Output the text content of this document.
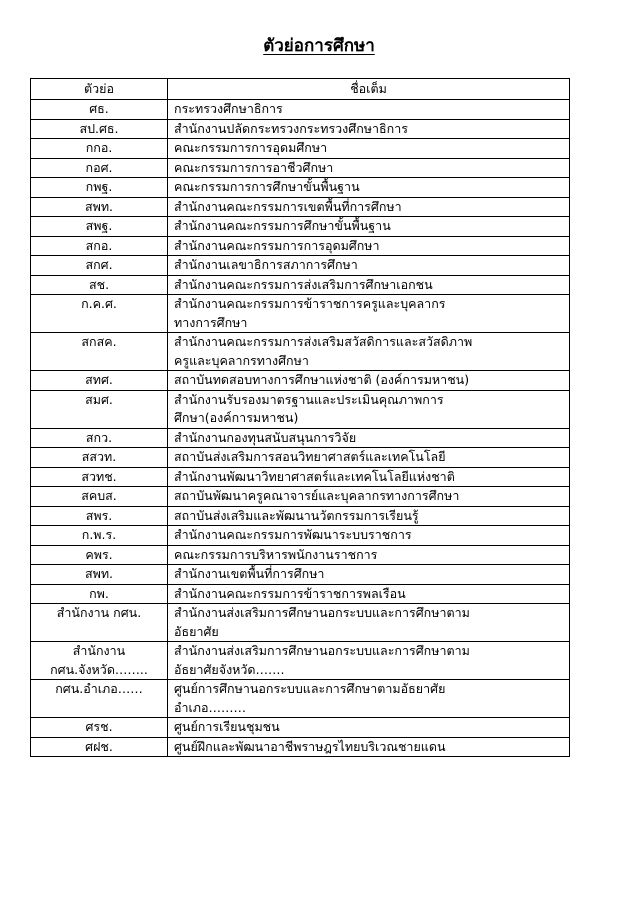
ตัวย่อการศึกษา
ตัวย่อ	ชื่อเต็ม

ศธ.	กระทรวงศึกษาธิการ

สป.ศธ.	สำนักงานปลัดกระทรวงกระทรวงศึกษาธิการ

กกอ.	คณะกรรมการการอุดมศึกษา

กอศ.	คณะกรรมการการอาชีวศึกษา

กพฐ.	คณะกรรมการการศึกษาขั้นพื้นฐาน

สพท.	สำนักงานคณะกรรมการเขตพื้นที่การศึกษา

สพฐ.	สำนักงานคณะกรรมการศึกษาขั้นพื้นฐาน

สกอ.	สำนักงานคณะกรรมการการอุดมศึกษา

สกศ.	สำนักงานเลขาธิการสภาการศึกษา

สช.	สำนักงานคณะกรรมการส่งเสริมการศึกษาเอกชน

ก.ค.ศ.	สำนักงานคณะกรรมการข้าราชการครูและบุคลากร
ทางการศึกษา

สกสค.	สำนักงานคณะกรรมการส่งเสริมสวัสดิการและสวัสดิภาพ
ครูและบุคลากรทางศึกษา

สทศ.	สถาบันทดสอบทางการศึกษาแห่งชาติ (องค์การมหาชน)

สมศ.	สำนักงานรับรองมาตรฐานและประเมินคุณภาพการ
ศึกษา(องค์การมหาชน)

สกว.	สำนักงานกองทุนสนับสนุนการวิจัย

สสวท.	สถาบันส่งเสริมการสอนวิทยาศาสตร์และเทคโนโลยี

สวทช.	สำนักงานพัฒนาวิทยาศาสตร์และเทคโนโลยีแห่งชาติ

สคบส.	สถาบันพัฒนาครูคณาจารย์และบุคลากรทางการศึกษา

สพร.	สถาบันส่งเสริมและพัฒนานวัตกรรมการเรียนรู้

ก.พ.ร.	สำนักงานคณะกรรมการพัฒนาระบบราชการ

คพร.	คณะกรรมการบริหารพนักงานราชการ

สพท.	สำนักงานเขตพื้นที่การศึกษา

กพ.	สำนักงานคณะกรรมการข้าราชการพลเรือน

สำนักงาน กศน.	สำนักงานส่งเสริมการศึกษานอกระบบและการศึกษาตาม
อัธยาศัย

สำนักงาน
กศน.จังหวัด……..	สำนักงานส่งเสริมการศึกษานอกระบบและการศึกษาตาม
อัธยาศัยจังหวัด…….

กศน.อำเภอ……	ศูนย์การศึกษานอกระบบและการศึกษาตามอัธยาศัย
อำเภอ………

ศรช.	ศูนย์การเรียนชุมชน

ศฝช.	ศูนย์ฝึกและพัฒนาอาชีพราษฎรไทยบริเวณชายแดน
